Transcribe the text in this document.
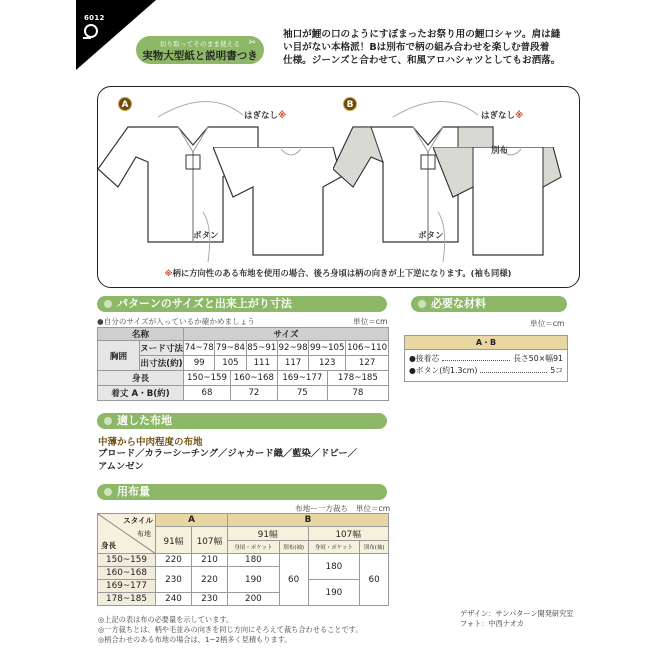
6012
✂
切り取ってそのまま使える
実物大型紙と説明書つき
袖口が鯉の口のようにすぼまったお祭り用の鯉口シャツ。肩は縫
い目がない本格派！Bは別布で柄の組み合わせを楽しむ普段着
仕様。ジーンズと合わせて、和風アロハシャツとしてもお洒落。
A	B
はぎなし※	はぎなし※
別布
ボタン	ボタン
※柄に方向性のある布地を使用の場合、後ろ身頃は柄の向きが上下逆になります。(袖も同様)
パターンのサイズと出来上がり寸法
●自分のサイズが入っているか確かめましょう	単位＝cm
名称		サイズ							
胸囲	ヌード寸法	74~78	79~84		85~91	92~98	99~105		106~110
	出寸法(約)	99	105		111	117	123		127
身長		150~159		160~168		169~177		178~185	
着丈 A・B(約)		68		72		75		78	
必要な材料
単位＝cm
A・B
●接着芯	長さ50×幅91
●ボタン(約1.3cm)	5コ
適した布地
中薄から中肉程度の布地
ブロード／カラーシーチング／ジャカード織／藍染／ドビー／
アムンゼン
用布量
布地ー一方裁ち　単位＝cm
スタイル
布地
身長	A		B			
	91幅	107幅	91幅		107幅	
			身頃・ポケット	別布(袖)	身頃・ポケット	別布(袖)
150~159	220	210	180	60	180	60
160~168	230	220	190			
169~177					190	
178~185	240	230	200			
◎上記の表は布の必要量を示しています。
◎一方裁ちとは、柄や毛並みの向きを同じ方向にそろえて裁ち合わせることです。
◎柄合わせのある布地の場合は、1~2柄多く見積もります。
デザイン：サンパターン開発研究室
フォト：中西ナオカ
